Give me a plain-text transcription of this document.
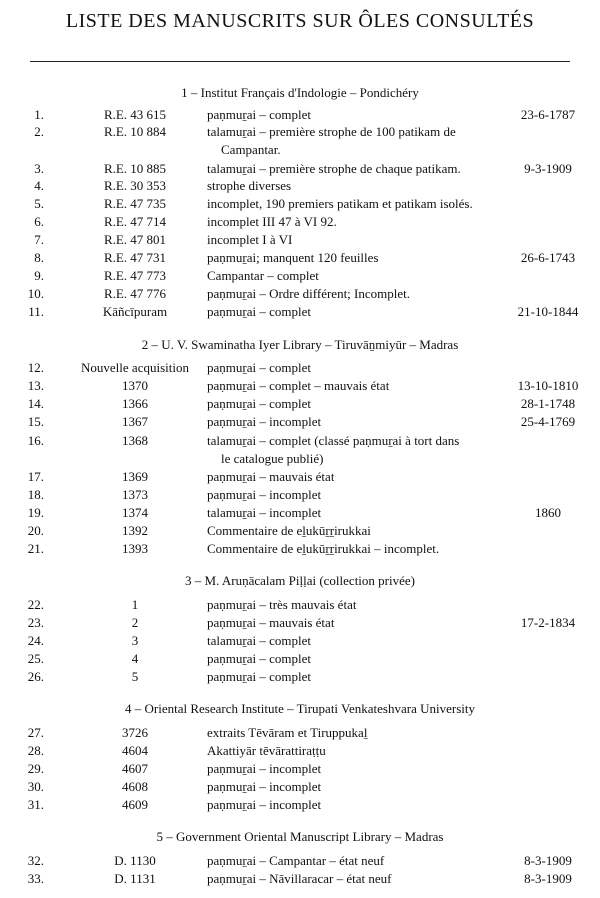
LISTE DES MANUSCRITS SUR ÔLES CONSULTÉS
1 – Institut Français d'Indologie – Pondichéry
1.	R.E. 43 615	paṇmuṟai – complet	23-6-1787
2.	R.E. 10 884	talamuṟai – première strophe de 100 patikam de
Campantar.
3.	R.E. 10 885	talamuṟai – première strophe de chaque patikam.	9-3-1909
4.	R.E. 30 353	strophe diverses
5.	R.E. 47 735	incomplet, 190 premiers patikam et patikam isolés.
6.	R.E. 47 714	incomplet III 47 à VI 92.
7.	R.E. 47 801	incomplet I à VI
8.	R.E. 47 731	paṇmuṟai; manquent 120 feuilles	26-6-1743
9.	R.E. 47 773	Campantar – complet
10.	R.E. 47 776	paṇmuṟai – Ordre différent; Incomplet.
11.	Kāñcīpuram	paṇmuṟai – complet	21-10-1844
2 – U. V. Swaminatha Iyer Library – Tiruvāṉmiyūr – Madras
12.	Nouvelle acquisition	paṇmuṟai – complet
13.	1370	paṇmuṟai – complet – mauvais état	13-10-1810
14.	1366	paṇmuṟai – complet	28-1-1748
15.	1367	paṇmuṟai – incomplet	25-4-1769
16.	1368	talamuṟai – complet (classé paṇmuṟai à tort dans
le catalogue publié)
17.	1369	paṇmuṟai – mauvais état
18.	1373	paṇmuṟai – incomplet
19.	1374	talamuṟai – incomplet	1860
20.	1392	Commentaire de eḻukūṟṟirukkai
21.	1393	Commentaire de eḻukūṟṟirukkai – incomplet.
3 – M. Aruṇācalam Piḷḷai (collection privée)
22.	1	paṇmuṟai – très mauvais état
23.	2	paṇmuṟai – mauvais état	17-2-1834
24.	3	talamuṟai – complet
25.	4	paṇmuṟai – complet
26.	5	paṇmuṟai – complet
4 – Oriental Research Institute – Tirupati Venkateshvara University
27.	3726	extraits Tēvāram et Tiruppukaḻ
28.	4604	Akattiyār tēvārattiraṭṭu
29.	4607	paṇmuṟai – incomplet
30.	4608	paṇmuṟai – incomplet
31.	4609	paṇmuṟai – incomplet
5 – Government Oriental Manuscript Library – Madras
32.	D. 1130	paṇmuṟai – Campantar – état neuf	8-3-1909
33.	D. 1131	paṇmuṟai – Nāvillaracar – état neuf	8-3-1909
